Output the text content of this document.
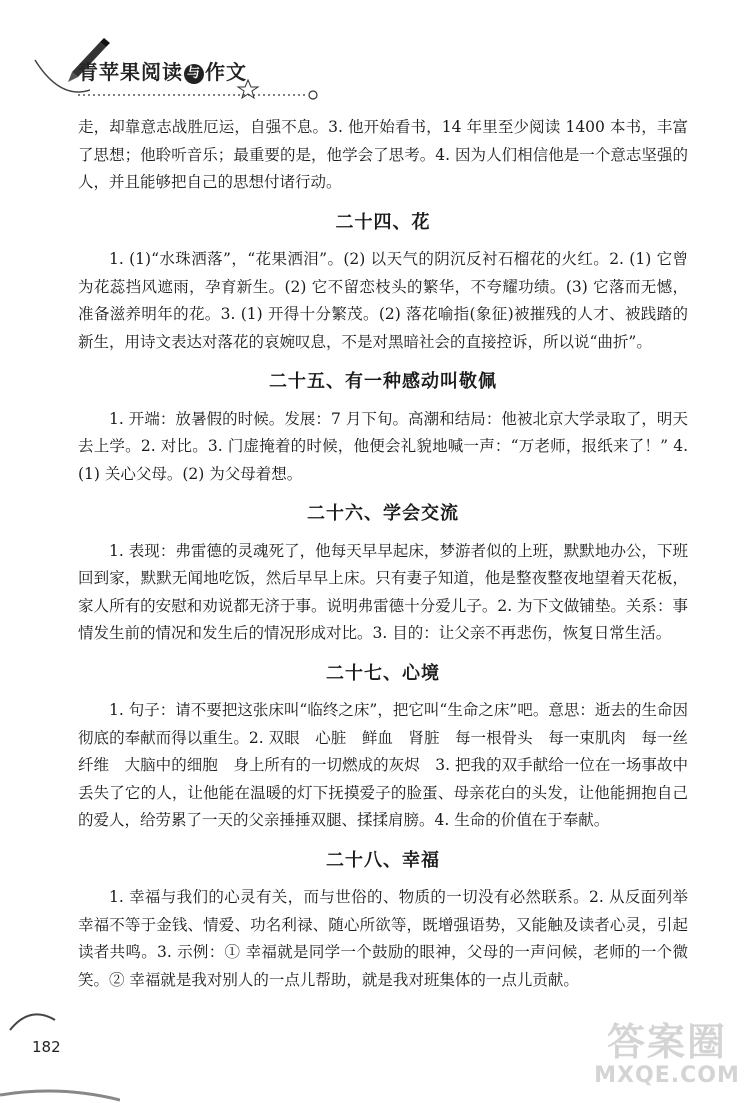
青苹果阅读 与 作文

走，却靠意志战胜厄运，自强不息。3. 他开始看书，14 年里至少阅读 1400 本书，丰富了思想；他聆听音乐；最重要的是，他学会了思考。4. 因为人们相信他是一个意志坚强的人，并且能够把自己的思想付诸行动。

二十四、花

1. (1)“水珠洒落”，“花果洒泪”。(2) 以天气的阴沉反衬石榴花的火红。2. (1) 它曾为花蕊挡风遮雨，孕育新生。(2) 它不留恋枝头的繁华，不夸耀功绩。(3) 它落而无憾，准备滋养明年的花。3. (1) 开得十分繁茂。(2) 落花喻指(象征)被摧残的人才、被践踏的新生，用诗文表达对落花的哀婉叹息，不是对黑暗社会的直接控诉，所以说“曲折”。

二十五、有一种感动叫敬佩

1. 开端：放暑假的时候。发展：7 月下旬。高潮和结局：他被北京大学录取了，明天去上学。2. 对比。3. 门虚掩着的时候，他便会礼貌地喊一声：“万老师，报纸来了！” 4. (1) 关心父母。(2) 为父母着想。

二十六、学会交流

1. 表现：弗雷德的灵魂死了，他每天早早起床，梦游者似的上班，默默地办公，下班回到家，默默无闻地吃饭，然后早早上床。只有妻子知道，他是整夜整夜地望着天花板，家人所有的安慰和劝说都无济于事。说明弗雷德十分爱儿子。2. 为下文做铺垫。关系：事情发生前的情况和发生后的情况形成对比。3. 目的：让父亲不再悲伤，恢复日常生活。

二十七、心境

1. 句子：请不要把这张床叫“临终之床”，把它叫“生命之床”吧。意思：逝去的生命因彻底的奉献而得以重生。2. 双眼　心脏　鲜血　肾脏　每一根骨头　每一束肌肉　每一丝纤维　大脑中的细胞　身上所有的一切燃成的灰烬　3. 把我的双手献给一位在一场事故中丢失了它的人，让他能在温暖的灯下抚摸爱子的脸蛋、母亲花白的头发，让他能拥抱自己的爱人，给劳累了一天的父亲捶捶双腿、揉揉肩膀。4. 生命的价值在于奉献。

二十八、幸福

1. 幸福与我们的心灵有关，而与世俗的、物质的一切没有必然联系。2. 从反面列举幸福不等于金钱、情爱、功名利禄、随心所欲等，既增强语势，又能触及读者心灵，引起读者共鸣。3. 示例：① 幸福就是同学一个鼓励的眼神，父母的一声问候，老师的一个微笑。② 幸福就是我对别人的一点儿帮助，就是我对班集体的一点儿贡献。

182	答案圈
MXQE.COM
